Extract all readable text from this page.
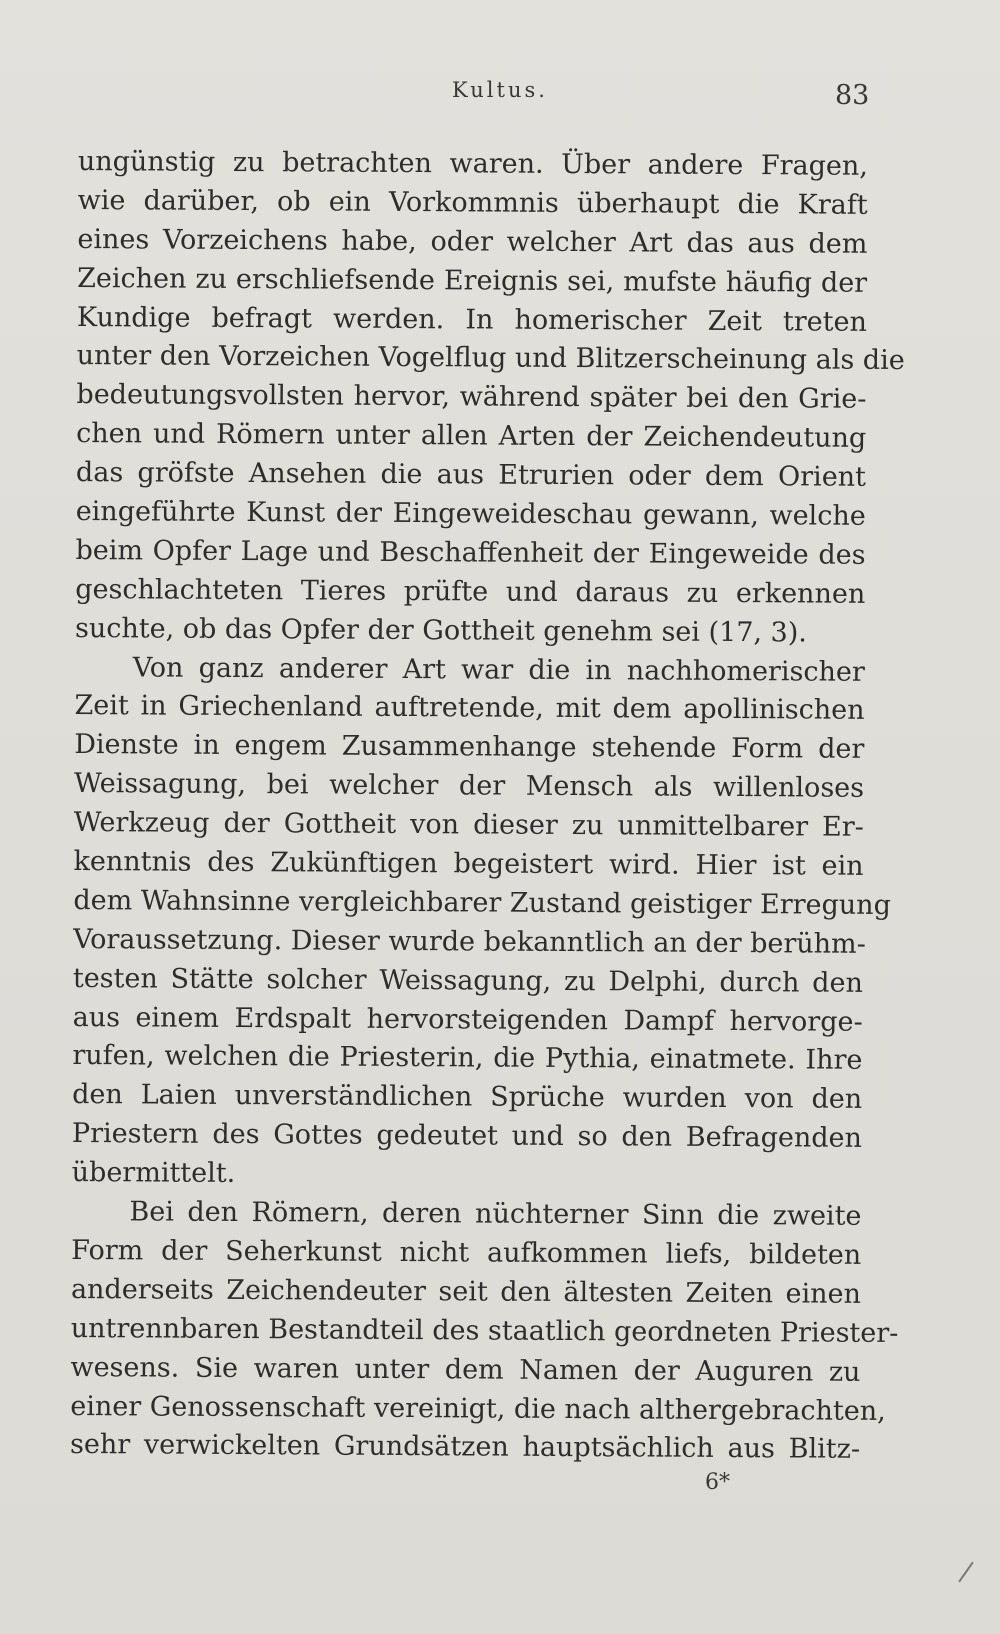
Kultus.	83
ungünstig zu betrachten waren. Über andere Fragen,
wie darüber, ob ein Vorkommnis überhaupt die Kraft
eines Vorzeichens habe, oder welcher Art das aus dem
Zeichen zu erschliefsende Ereignis sei, mufste häufig der
Kundige befragt werden. In homerischer Zeit treten
unter den Vorzeichen Vogelflug und Blitzerscheinung als die
bedeutungsvollsten hervor, während später bei den Grie-
chen und Römern unter allen Arten der Zeichendeutung
das gröfste Ansehen die aus Etrurien oder dem Orient
eingeführte Kunst der Eingeweideschau gewann, welche
beim Opfer Lage und Beschaffenheit der Eingeweide des
geschlachteten Tieres prüfte und daraus zu erkennen
suchte, ob das Opfer der Gottheit genehm sei (17, 3).
Von ganz anderer Art war die in nachhomerischer
Zeit in Griechenland auftretende, mit dem apollinischen
Dienste in engem Zusammenhange stehende Form der
Weissagung, bei welcher der Mensch als willenloses
Werkzeug der Gottheit von dieser zu unmittelbarer Er-
kenntnis des Zukünftigen begeistert wird. Hier ist ein
dem Wahnsinne vergleichbarer Zustand geistiger Erregung
Voraussetzung. Dieser wurde bekanntlich an der berühm-
testen Stätte solcher Weissagung, zu Delphi, durch den
aus einem Erdspalt hervorsteigenden Dampf hervorge-
rufen, welchen die Priesterin, die Pythia, einatmete. Ihre
den Laien unverständlichen Sprüche wurden von den
Priestern des Gottes gedeutet und so den Befragenden
übermittelt.
Bei den Römern, deren nüchterner Sinn die zweite
Form der Seherkunst nicht aufkommen liefs, bildeten
anderseits Zeichendeuter seit den ältesten Zeiten einen
untrennbaren Bestandteil des staatlich geordneten Priester-
wesens. Sie waren unter dem Namen der Auguren zu
einer Genossenschaft vereinigt, die nach althergebrachten,
sehr verwickelten Grundsätzen hauptsächlich aus Blitz-
6*
